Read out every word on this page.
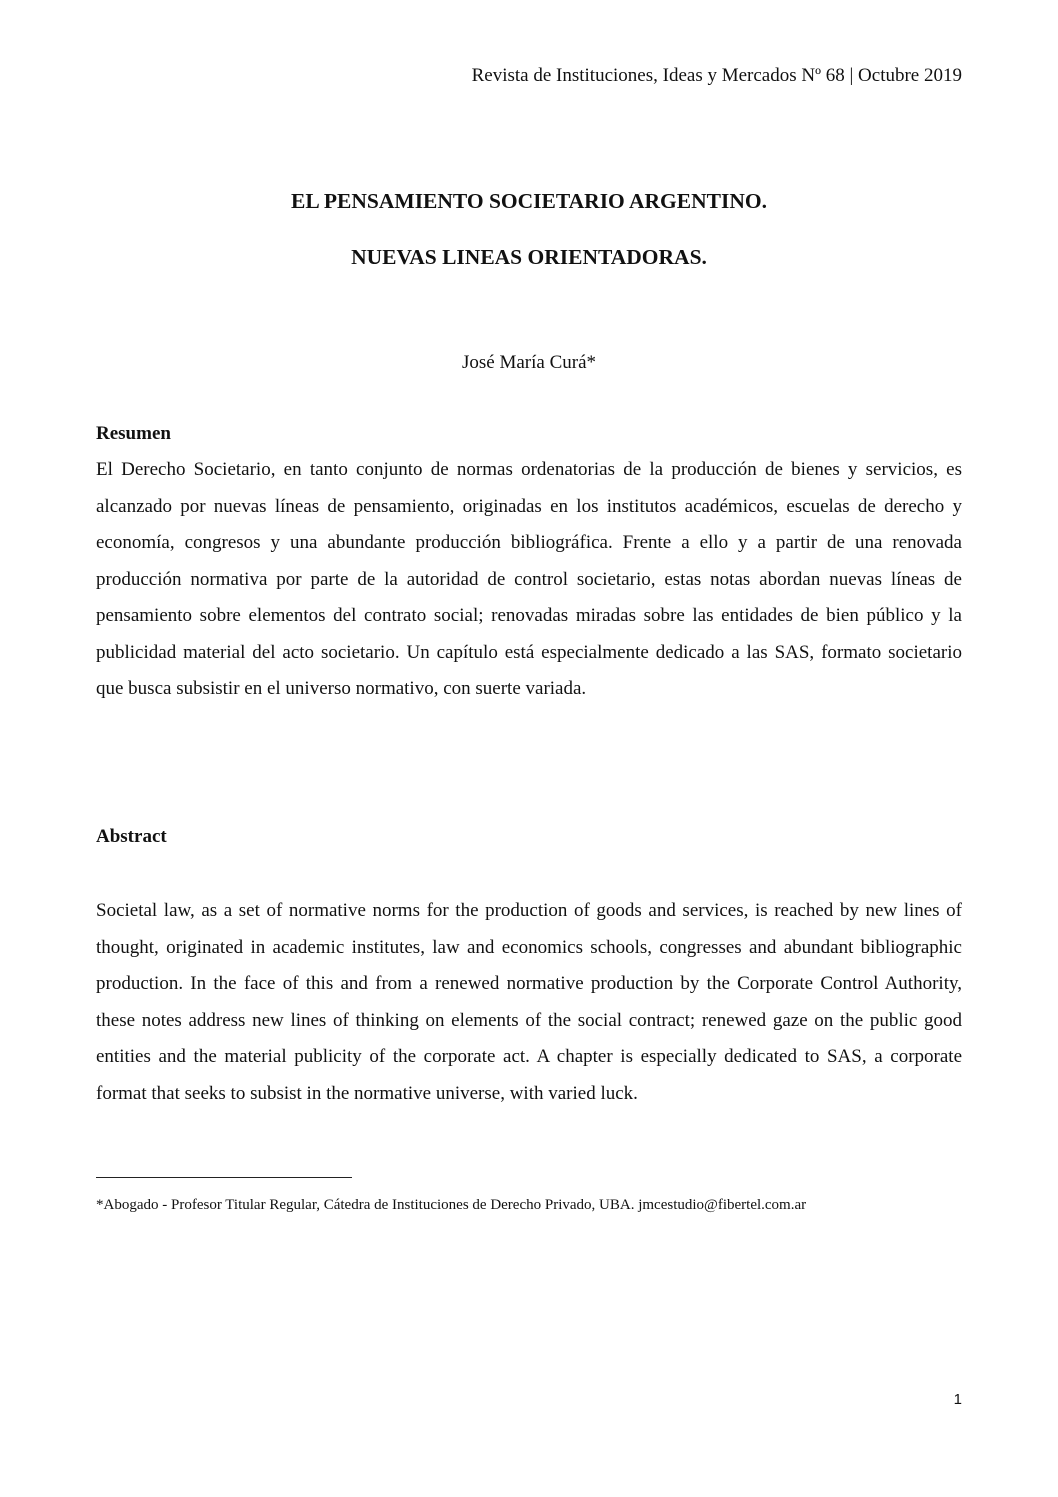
Revista de Instituciones, Ideas y Mercados Nº 68 | Octubre 2019
EL PENSAMIENTO SOCIETARIO ARGENTINO.
NUEVAS LINEAS ORIENTADORAS.
José María Curá*
Resumen

El Derecho Societario, en tanto conjunto de normas ordenatorias de la producción de bienes y servicios, es alcanzado por nuevas líneas de pensamiento, originadas en los institutos académicos, escuelas de derecho y economía, congresos y una abundante producción bibliográfica. Frente a ello y a partir de una renovada producción normativa por parte de la autoridad de control societario, estas notas abordan nuevas líneas de pensamiento sobre elementos del contrato social; renovadas miradas sobre las entidades de bien público y la publicidad material del acto societario. Un capítulo está especialmente dedicado a las SAS, formato societario que busca subsistir en el universo normativo, con suerte variada.

Abstract

Societal law, as a set of normative norms for the production of goods and services, is reached by new lines of thought, originated in academic institutes, law and economics schools, congresses and abundant bibliographic production. In the face of this and from a renewed normative production by the Corporate Control Authority, these notes address new lines of thinking on elements of the social contract; renewed gaze on the public good entities and the material publicity of the corporate act. A chapter is especially dedicated to SAS, a corporate format that seeks to subsist in the normative universe, with varied luck.

*Abogado - Profesor Titular Regular, Cátedra de Instituciones de Derecho Privado, UBA. jmcestudio@fibertel.com.ar
1
